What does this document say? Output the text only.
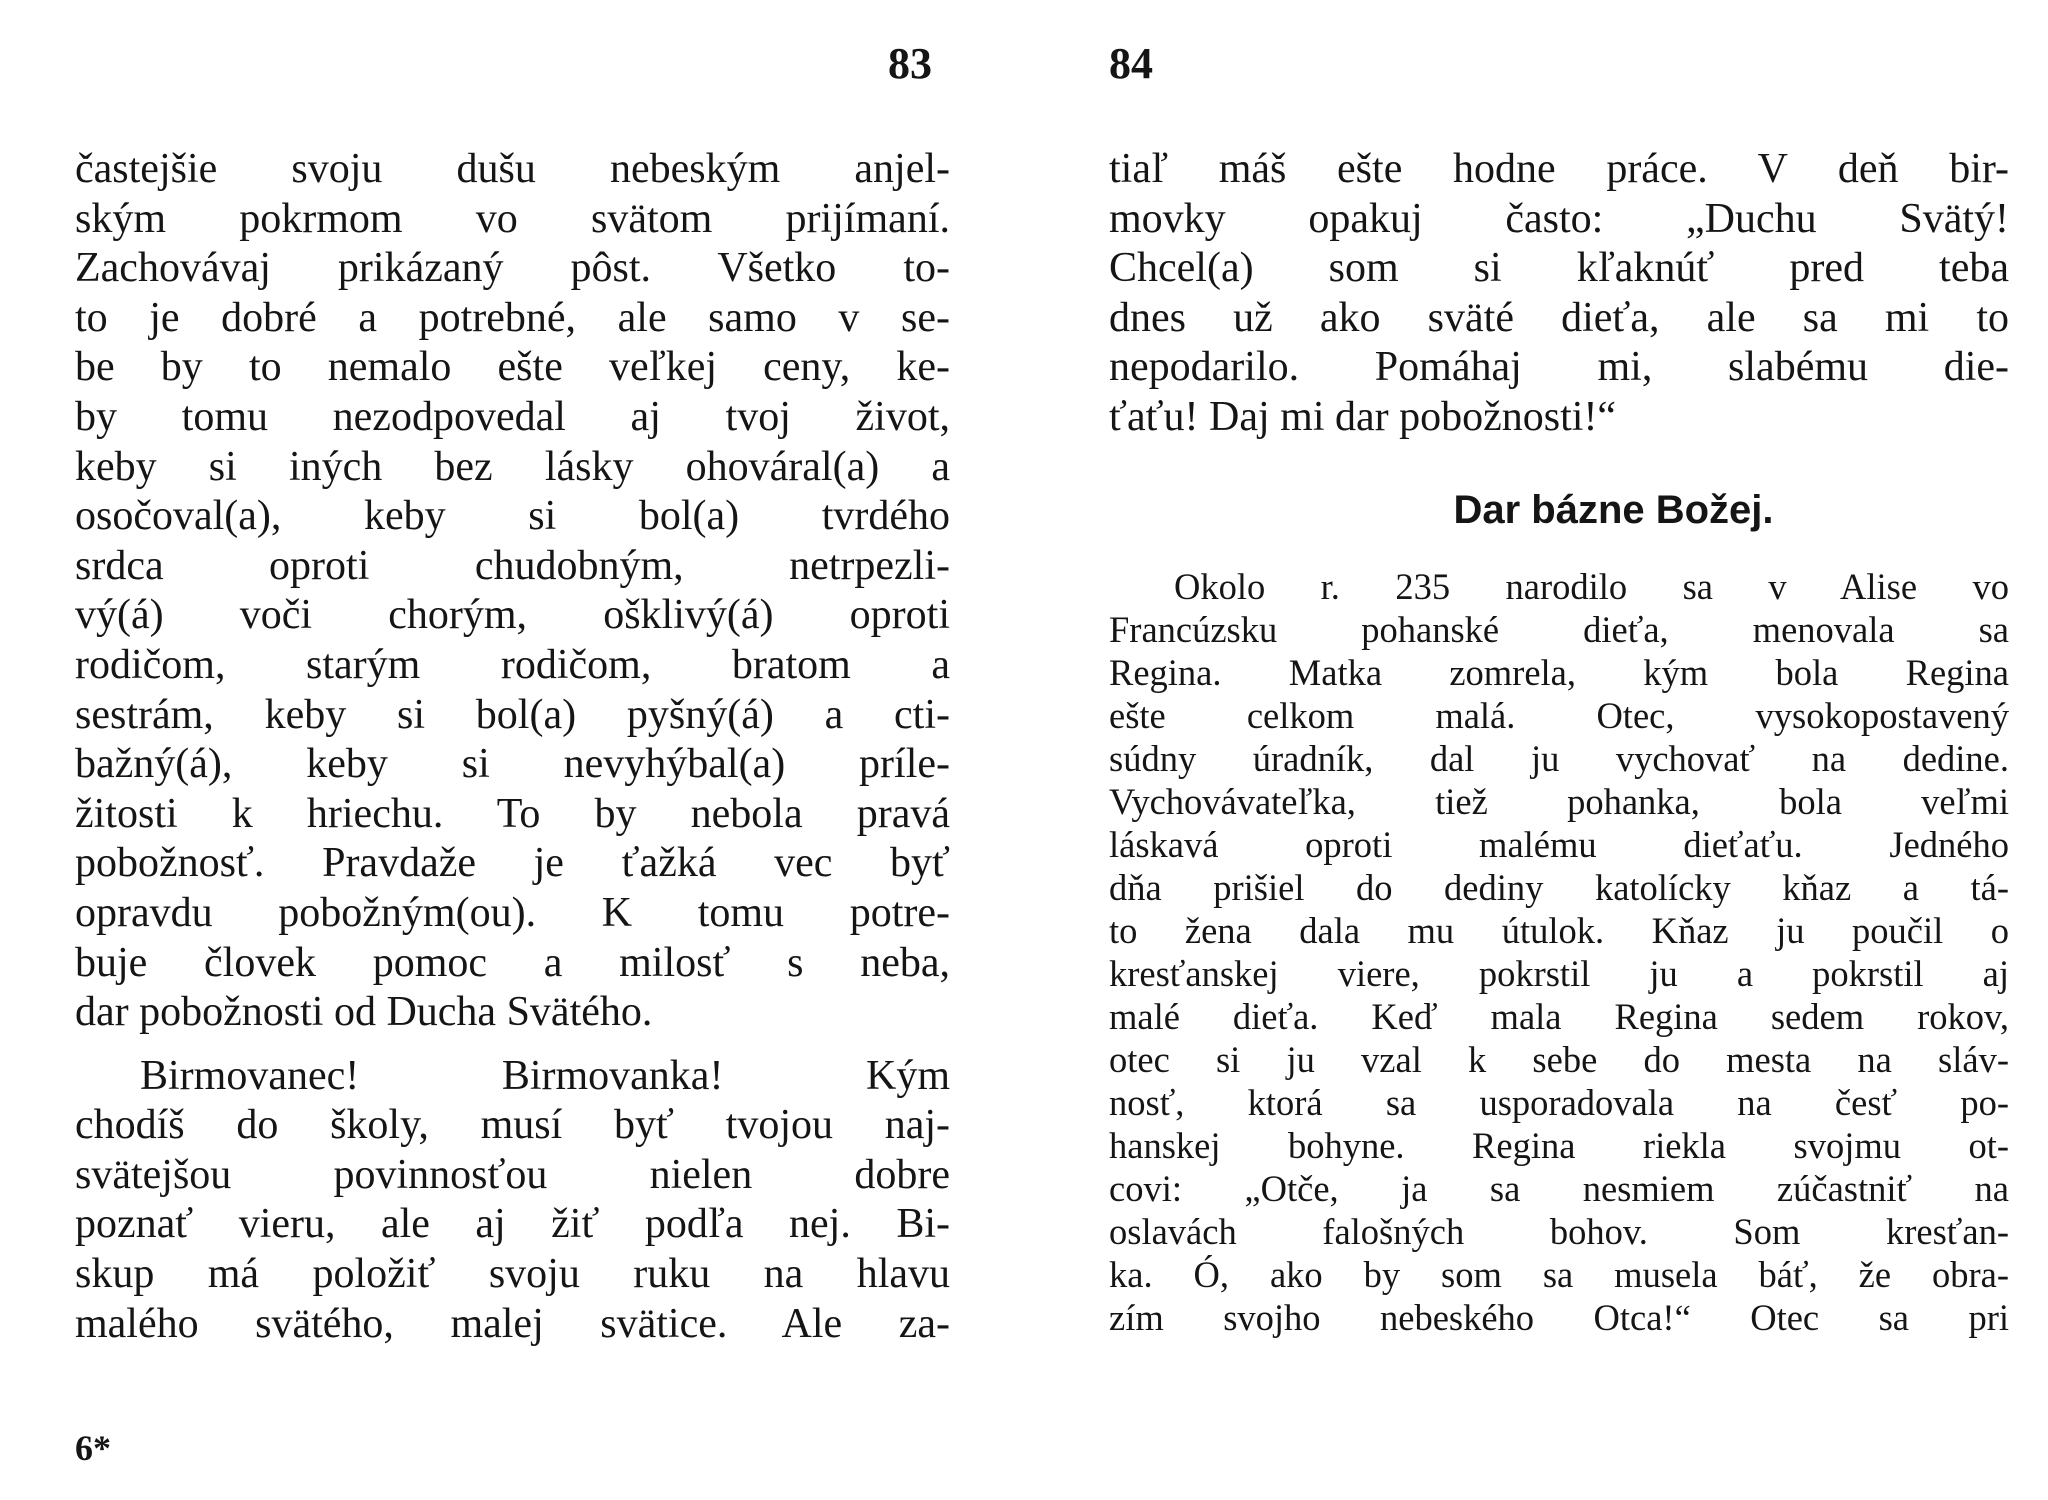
83
častejšie svoju dušu nebeským anjel-
ským pokrmom vo svätom prijímaní.
Zachovávaj prikázaný pôst. Všetko to-
to je dobré a potrebné, ale samo v se-
be by to nemalo ešte veľkej ceny, ke-
by tomu nezodpovedal aj tvoj život,
keby si iných bez lásky ohováral(a) a
osočoval(a), keby si bol(a) tvrdého
srdca oproti chudobným, netrpezli-
vý(á) voči chorým, ošklivý(á) oproti
rodičom, starým rodičom, bratom a
sestrám, keby si bol(a) pyšný(á) a cti-
bažný(á), keby si nevyhýbal(a) príle-
žitosti k hriechu. To by nebola pravá
pobožnosť. Pravdaže je ťažká vec byť
opravdu pobožným(ou). K tomu potre-
buje človek pomoc a milosť s neba,
dar pobožnosti od Ducha Svätého.
Birmovanec! Birmovanka! Kým
chodíš do školy, musí byť tvojou naj-
svätejšou povinnosťou nielen dobre
poznať vieru, ale aj žiť podľa nej. Bi-
skup má položiť svoju ruku na hlavu
malého svätého, malej svätice. Ale za-
6*
84
tiaľ máš ešte hodne práce. V deň bir-
movky opakuj často: „Duchu Svätý!
Chcel(a) som si kľaknúť pred teba
dnes už ako sväté dieťa, ale sa mi to
nepodarilo. Pomáhaj mi, slabému die-
ťaťu! Daj mi dar pobožnosti!“
Okolo r. 235 narodilo sa v Alise vo
Francúzsku pohanské dieťa, menovala sa
Regina. Matka zomrela, kým bola Regina
ešte celkom malá. Otec, vysokopostavený
súdny úradník, dal ju vychovať na dedine.
Vychovávateľka, tiež pohanka, bola veľmi
láskavá oproti malému dieťaťu. Jedného
dňa prišiel do dediny katolícky kňaz a tá-
to žena dala mu útulok. Kňaz ju poučil o
kresťanskej viere, pokrstil ju a pokrstil aj
malé dieťa. Keď mala Regina sedem rokov,
otec si ju vzal k sebe do mesta na sláv-
nosť, ktorá sa usporadovala na česť po-
hanskej bohyne. Regina riekla svojmu ot-
covi: „Otče, ja sa nesmiem zúčastniť na
oslavách falošných bohov. Som kresťan-
ka. Ó, ako by som sa musela báť, že obra-
zím svojho nebeského Otca!“ Otec sa pri
Dar bázne Božej.
